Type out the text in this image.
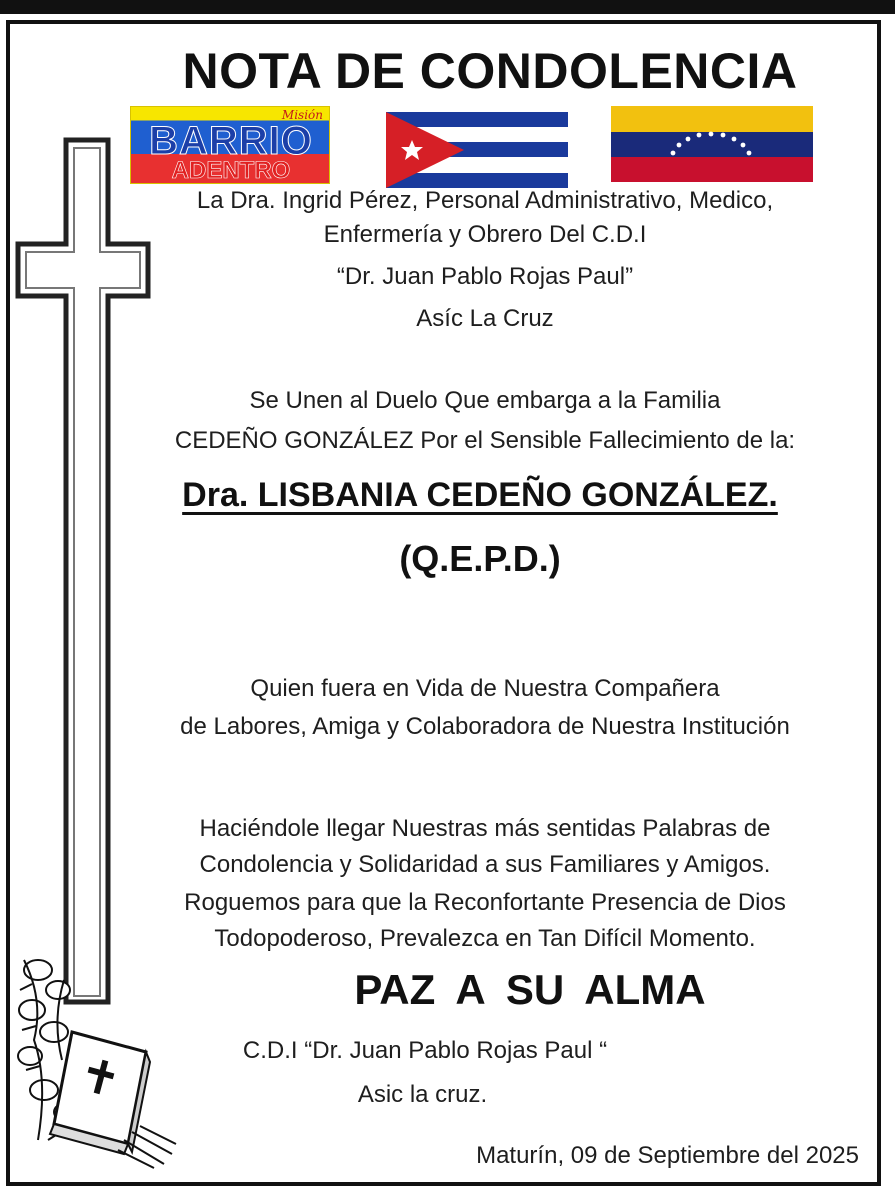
NOTA DE CONDOLENCIA
Misión
BARRIO
ADENTRO
La Dra. Ingrid Pérez, Personal Administrativo, Medico,
Enfermería y Obrero Del C.D.I
“Dr. Juan Pablo Rojas Paul”
Asíc La Cruz
Se Unen al Duelo Que embarga a la Familia
CEDEÑO GONZÁLEZ Por el Sensible Fallecimiento de la:
Dra. LISBANIA CEDEÑO GONZÁLEZ.
(Q.E.P.D.)
Quien fuera en Vida de Nuestra Compañera
de Labores, Amiga y Colaboradora de Nuestra Institución
Haciéndole llegar Nuestras más sentidas Palabras de
Condolencia y Solidaridad a sus Familiares y Amigos.
Roguemos para que la Reconfortante Presencia de Dios
Todopoderoso, Prevalezca en Tan Difícil Momento.
PAZ A SU ALMA
C.D.I “Dr. Juan Pablo Rojas Paul “
Asic la cruz.
Maturín, 09 de Septiembre del 2025
